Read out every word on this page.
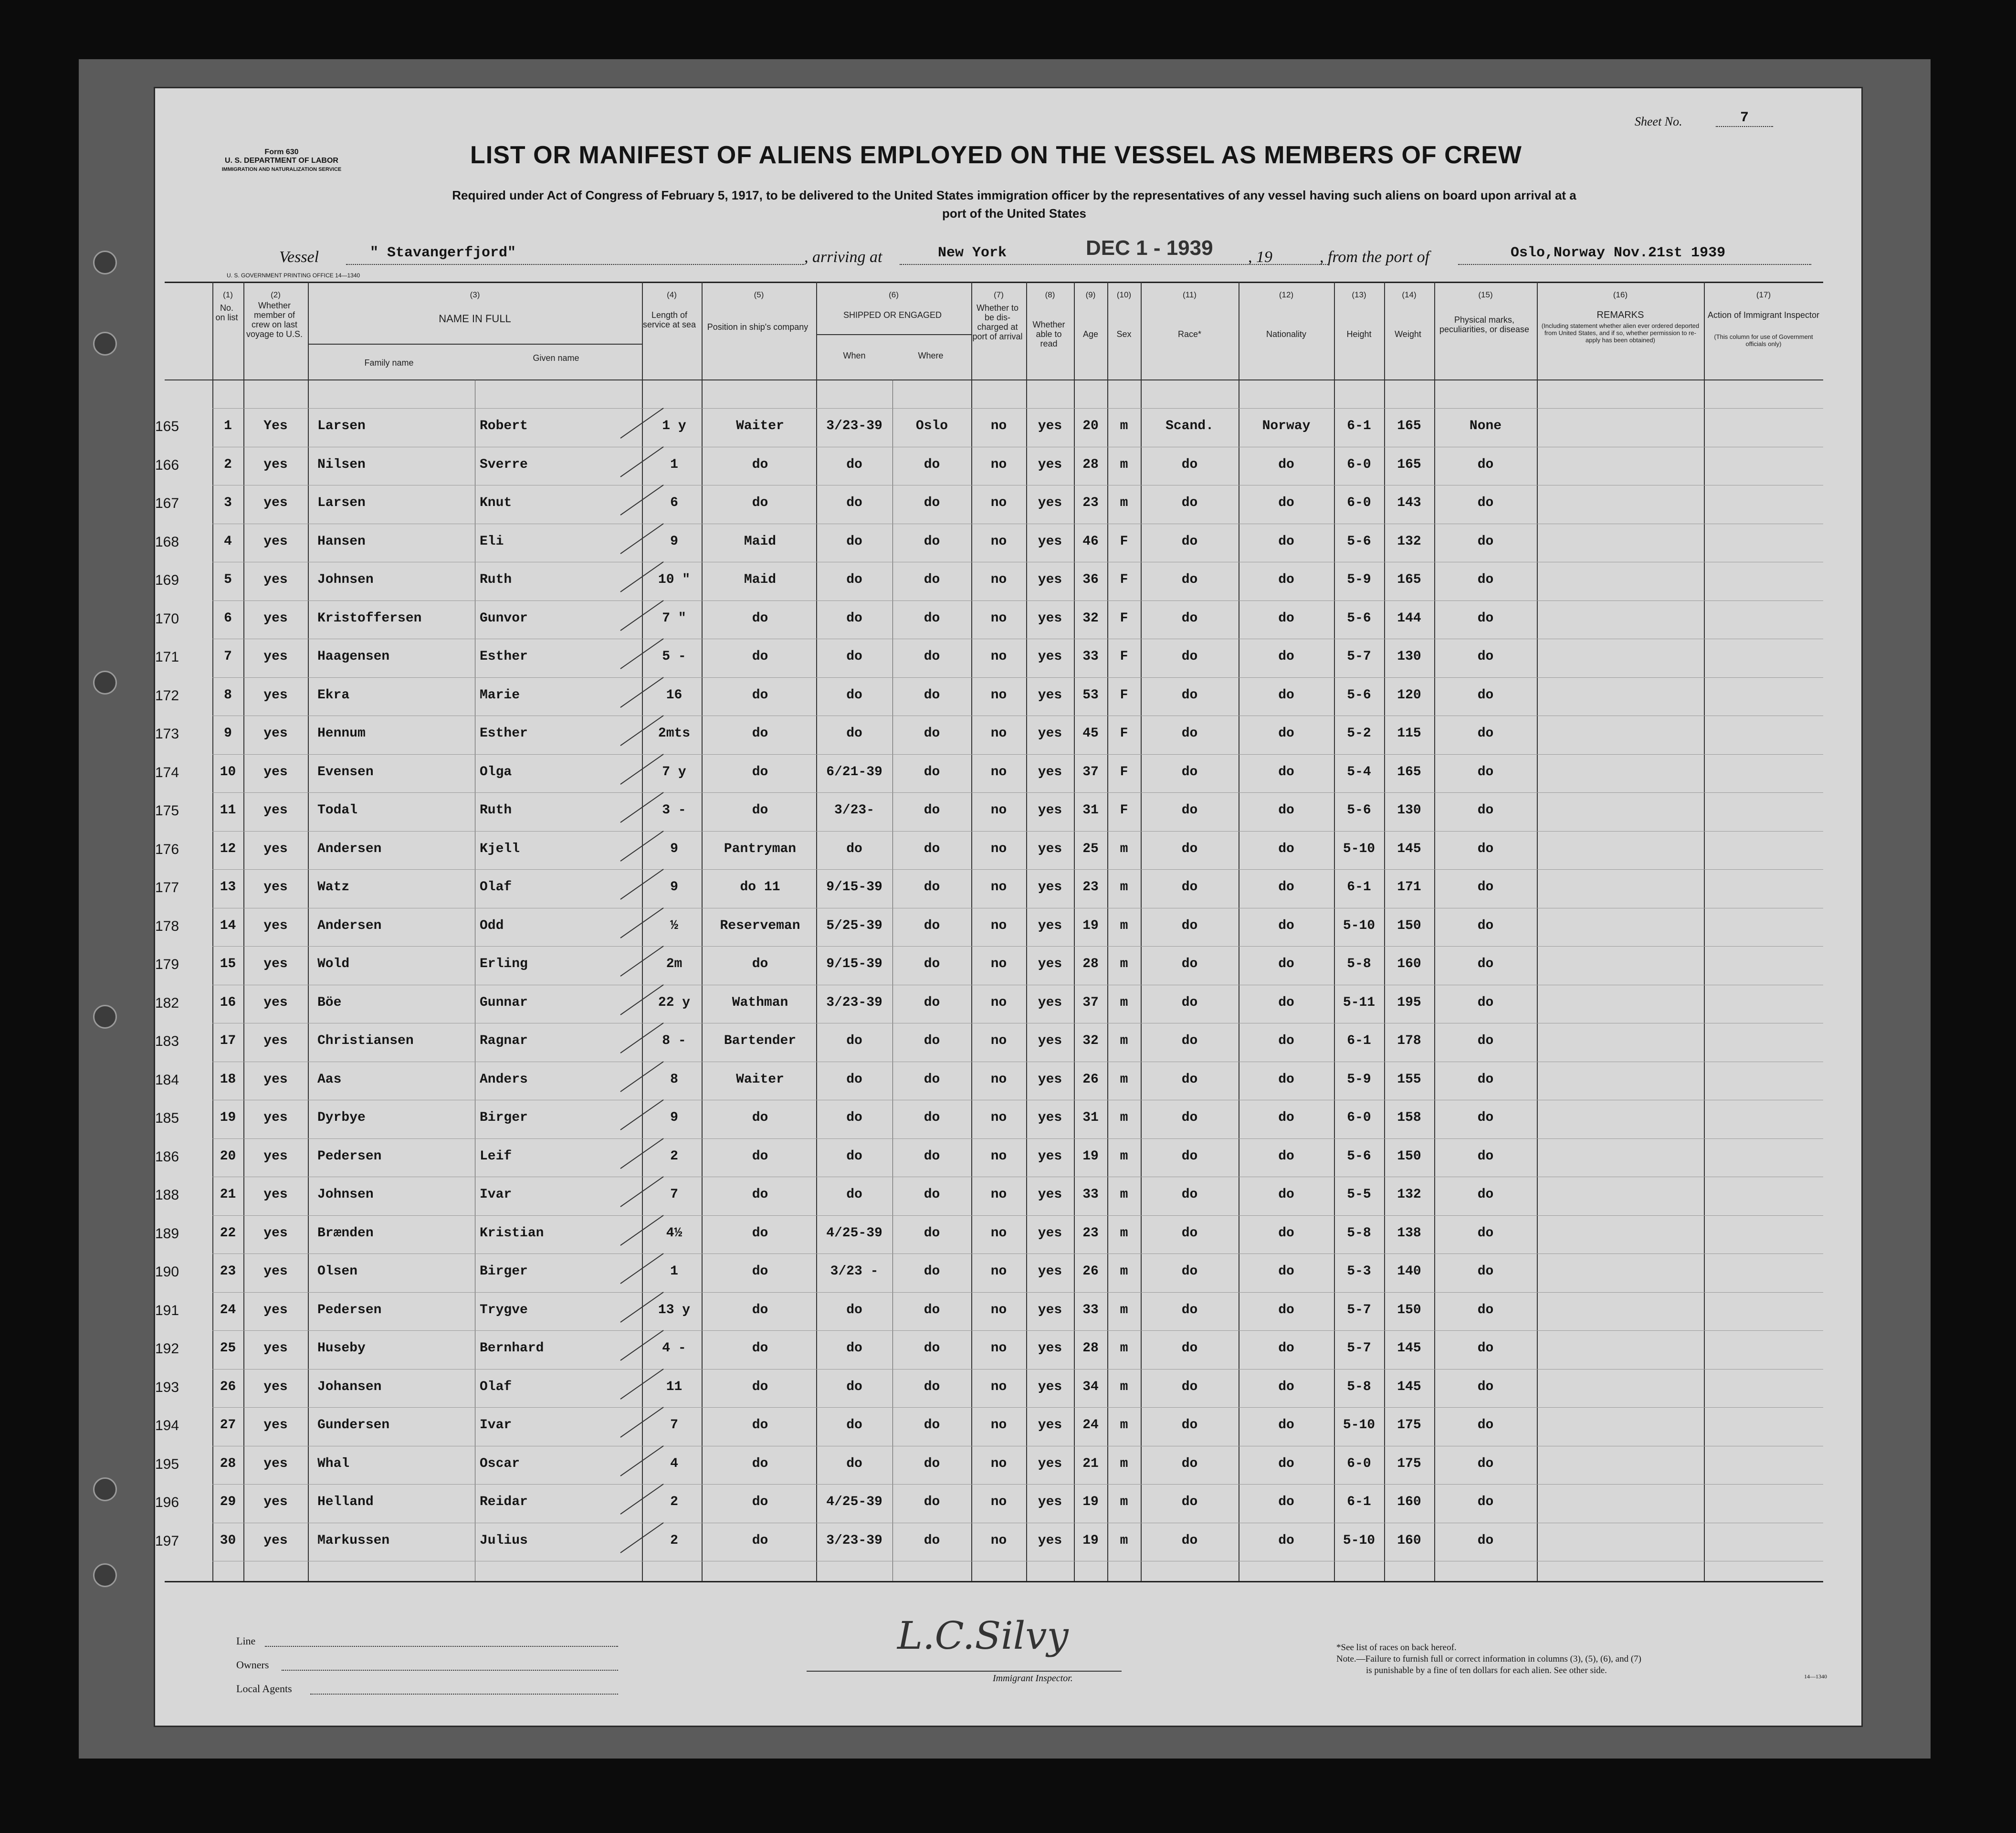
Form 630
U. S. DEPARTMENT OF LABOR
IMMIGRATION AND NATURALIZATION SERVICE
Sheet No.	7
LIST OR MANIFEST OF ALIENS EMPLOYED ON THE VESSEL AS MEMBERS OF CREW
Required under Act of Congress of February 5, 1917, to be delivered to the United States immigration officer by the representatives of any vessel having such aliens on board upon arrival at a
port of the United States
Vessel	" Stavangerfjord"	, arriving at	New York	DEC 1 - 1939 , 19	, from the port of	Oslo,Norway Nov.21st 1939
U. S. GOVERNMENT PRINTING OFFICE 14—1340
No. on list
Whether member of crew on last voyage to U.S.
NAME IN FULL
Family name	Given name
Length of service at sea	Position in ship's company
SHIPPED OR ENGAGED
When	Where
Whether to be dis-charged at port of arrival
Whether able to read
Age	Sex	Race*	Nationality	Height	Weight
Physical marks, peculiarities, or disease
REMARKS
(Including statement whether alien ever ordered deported from United States, and if so, whether permission to re-apply has been obtained)
Action of Immigrant Inspector
(This column for use of Government officials only)
(1)	(2)	(3)	(4)	(5)	(6)	(7)	(8)	(9)	(10)	(11)	(12)	(13)	(14)	(15)	(16)	(17)
165	1	Yes	Larsen	Robert	1 y	Waiter	3/23-39	Oslo	no	yes	20	m	Scand.	Norway	6-1	165	None
166	2	yes	Nilsen	Sverre	1	do	do	do	no	yes	28	m	do	do	6-0	165	do
167	3	yes	Larsen	Knut	6	do	do	do	no	yes	23	m	do	do	6-0	143	do
168	4	yes	Hansen	Eli	9	Maid	do	do	no	yes	46	F	do	do	5-6	132	do
169	5	yes	Johnsen	Ruth	10 "	Maid	do	do	no	yes	36	F	do	do	5-9	165	do
170	6	yes	Kristoffersen	Gunvor	7 "	do	do	do	no	yes	32	F	do	do	5-6	144	do
171	7	yes	Haagensen	Esther	5 -	do	do	do	no	yes	33	F	do	do	5-7	130	do
172	8	yes	Ekra	Marie	16	do	do	do	no	yes	53	F	do	do	5-6	120	do
173	9	yes	Hennum	Esther	2mts	do	do	do	no	yes	45	F	do	do	5-2	115	do
174	10	yes	Evensen	Olga	7 y	do	6/21-39	do	no	yes	37	F	do	do	5-4	165	do
175	11	yes	Todal	Ruth	3 -	do	3/23-	do	no	yes	31	F	do	do	5-6	130	do
176	12	yes	Andersen	Kjell	9	Pantryman	do	do	no	yes	25	m	do	do	5-10	145	do
177	13	yes	Watz	Olaf	9	do 11	9/15-39	do	no	yes	23	m	do	do	6-1	171	do
178	14	yes	Andersen	Odd	½	Reserveman	5/25-39	do	no	yes	19	m	do	do	5-10	150	do
179	15	yes	Wold	Erling	2m	do	9/15-39	do	no	yes	28	m	do	do	5-8	160	do
182	16	yes	Böe	Gunnar	22 y	Wathman	3/23-39	do	no	yes	37	m	do	do	5-11	195	do
183	17	yes	Christiansen	Ragnar	8 -	Bartender	do	do	no	yes	32	m	do	do	6-1	178	do
184	18	yes	Aas	Anders	8	Waiter	do	do	no	yes	26	m	do	do	5-9	155	do
185	19	yes	Dyrbye	Birger	9	do	do	do	no	yes	31	m	do	do	6-0	158	do
186	20	yes	Pedersen	Leif	2	do	do	do	no	yes	19	m	do	do	5-6	150	do
188	21	yes	Johnsen	Ivar	7	do	do	do	no	yes	33	m	do	do	5-5	132	do
189	22	yes	Brænden	Kristian	4½	do	4/25-39	do	no	yes	23	m	do	do	5-8	138	do
190	23	yes	Olsen	Birger	1	do	3/23 -	do	no	yes	26	m	do	do	5-3	140	do
191	24	yes	Pedersen	Trygve	13 y	do	do	do	no	yes	33	m	do	do	5-7	150	do
192	25	yes	Huseby	Bernhard	4 -	do	do	do	no	yes	28	m	do	do	5-7	145	do
193	26	yes	Johansen	Olaf	11	do	do	do	no	yes	34	m	do	do	5-8	145	do
194	27	yes	Gundersen	Ivar	7	do	do	do	no	yes	24	m	do	do	5-10	175	do
195	28	yes	Whal	Oscar	4	do	do	do	no	yes	21	m	do	do	6-0	175	do
196	29	yes	Helland	Reidar	2	do	4/25-39	do	no	yes	19	m	do	do	6-1	160	do
197	30	yes	Markussen	Julius	2	do	3/23-39	do	no	yes	19	m	do	do	5-10	160	do
Line
Owners
Local Agents
L.C.Silvy
Immigrant Inspector.
*See list of races on back hereof.
Note.—Failure to furnish full or correct information in columns (3), (5), (6), and (7)
is punishable by a fine of ten dollars for each alien. See other side.
14—1340
